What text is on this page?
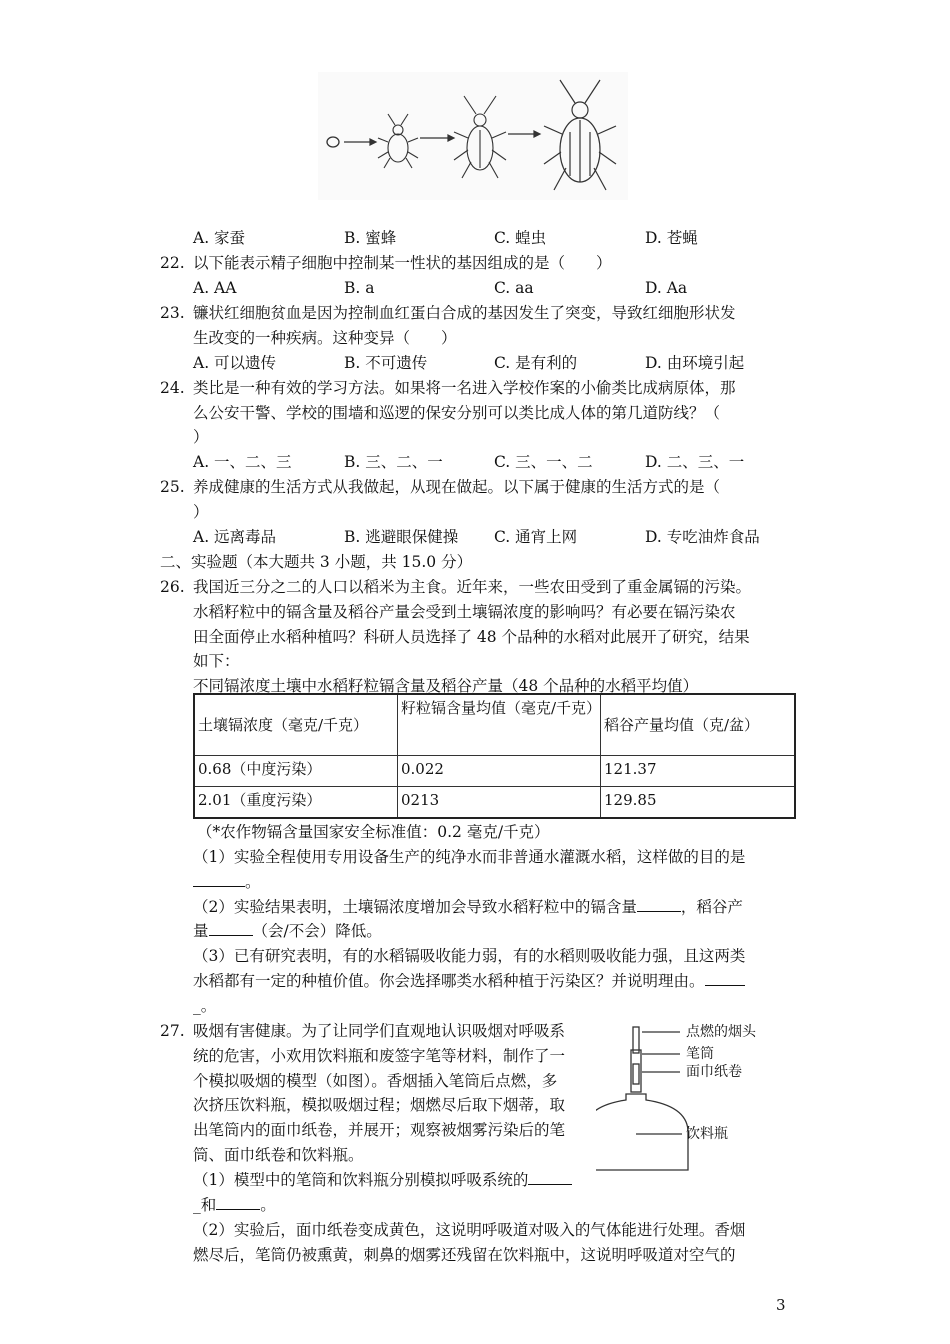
A. 家蚕	B. 蜜蜂	C. 蝗虫	D. 苍蝇
22. 以下能表示精子细胞中控制某一性状的基因组成的是（　　）
A. AA	B. a	C. aa	D. Aa
23. 镰状红细胞贫血是因为控制血红蛋白合成的基因发生了突变，导致红细胞形状发
生改变的一种疾病。这种变异（　　）
A. 可以遗传	B. 不可遗传	C. 是有利的	D. 由环境引起
24. 类比是一种有效的学习方法。如果将一名进入学校作案的小偷类比成病原体，那
么公安干警、学校的围墙和巡逻的保安分别可以类比成人体的第几道防线？（
）
A. 一、二、三	B. 三、二、一	C. 三、一、二	D. 二、三、一
25. 养成健康的生活方式从我做起，从现在做起。以下属于健康的生活方式的是（
）
A. 远离毒品	B. 逃避眼保健操 C. 通宵上网	D. 专吃油炸食品
二、实验题（本大题共 3 小题，共 15.0 分）
26. 我国近三分之二的人口以稻米为主食。近年来，一些农田受到了重金属镉的污染。
水稻籽粒中的镉含量及稻谷产量会受到土壤镉浓度的影响吗？有必要在镉污染农
田全面停止水稻种植吗？科研人员选择了 48 个品种的水稻对此展开了研究，结果
如下：
不同镉浓度土壤中水稻籽粒镉含量及稻谷产量（48 个品种的水稻平均值）
土壤镉浓度（毫克/千克）	籽粒镉含量均值（毫克/千克）	稻谷产量均值（克/盆）
0.68（中度污染）	0.022	121.37
2.01（重度污染）	0213	129.85
（*农作物镉含量国家安全标准值：0.2 毫克/千克）
（1）实验全程使用专用设备生产的纯净水而非普通水灌溉水稻，这样做的目的是
。
（2）实验结果表明，土壤镉浓度增加会导致水稻籽粒中的镉含量	，稻谷产
量	（会/不会）降低。
（3）已有研究表明，有的水稻镉吸收能力弱，有的水稻则吸收能力强，且这两类
水稻都有一定的种植价值。你会选择哪类水稻种植于污染区？并说明理由。
_。
27. 吸烟有害健康。为了让同学们直观地认识吸烟对呼吸系
统的危害，小欢用饮料瓶和废签字笔等材料，制作了一
个模拟吸烟的模型（如图）。香烟插入笔筒后点燃，多
次挤压饮料瓶，模拟吸烟过程；烟燃尽后取下烟蒂，取
出笔筒内的面巾纸卷，并展开；观察被烟雾污染后的笔
筒、面巾纸卷和饮料瓶。
（1）模型中的笔筒和饮料瓶分别模拟呼吸系统的
_和	。
（2）实验后，面巾纸卷变成黄色，这说明呼吸道对吸入的气体能进行处理。香烟
燃尽后，笔筒仍被熏黄，刺鼻的烟雾还残留在饮料瓶中，这说明呼吸道对空气的
点燃的烟头
笔筒
面巾纸卷
饮料瓶
3
